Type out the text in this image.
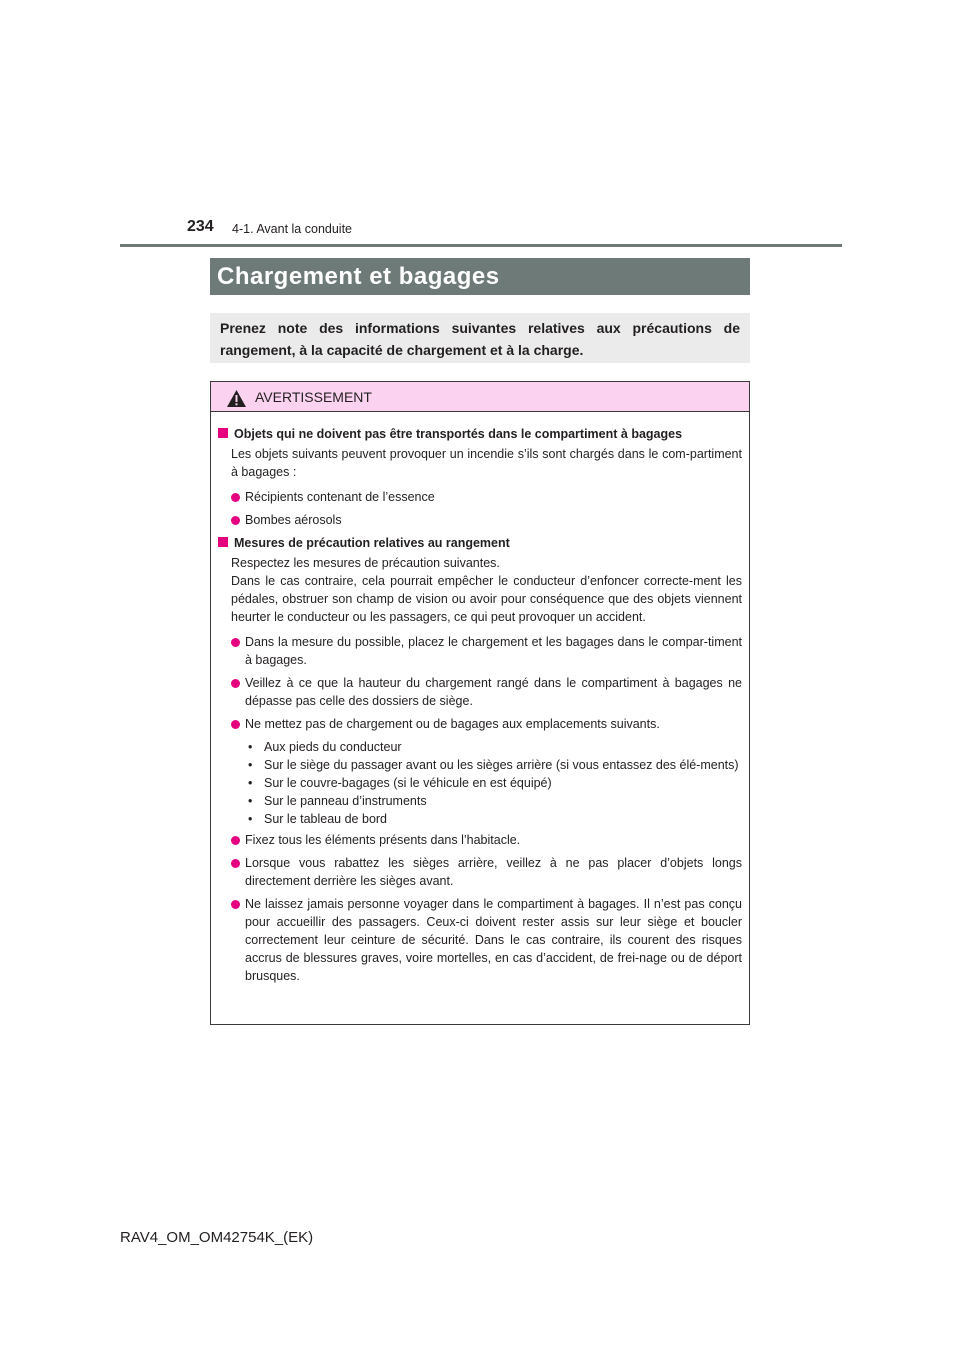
234 4-1. Avant la conduite
Chargement et bagages
Prenez note des informations suivantes relatives aux précautions de rangement, à la capacité de chargement et à la charge.
AVERTISSEMENT
Objets qui ne doivent pas être transportés dans le compartiment à bagages
Les objets suivants peuvent provoquer un incendie s’ils sont chargés dans le com-partiment à bagages :
Récipients contenant de l’essence
Bombes aérosols
Mesures de précaution relatives au rangement
Respectez les mesures de précaution suivantes.
Dans le cas contraire, cela pourrait empêcher le conducteur d’enfoncer correcte-ment les pédales, obstruer son champ de vision ou avoir pour conséquence que des objets viennent heurter le conducteur ou les passagers, ce qui peut provoquer un accident.
Dans la mesure du possible, placez le chargement et les bagages dans le compar-timent à bagages.
Veillez à ce que la hauteur du chargement rangé dans le compartiment à bagages ne dépasse pas celle des dossiers de siège.
Ne mettez pas de chargement ou de bagages aux emplacements suivants.
• Aux pieds du conducteur
• Sur le siège du passager avant ou les sièges arrière (si vous entassez des élé-ments)
• Sur le couvre-bagages (si le véhicule en est équipé)
• Sur le panneau d’instruments
• Sur le tableau de bord
Fixez tous les éléments présents dans l’habitacle.
Lorsque vous rabattez les sièges arrière, veillez à ne pas placer d’objets longs directement derrière les sièges avant.
Ne laissez jamais personne voyager dans le compartiment à bagages. Il n’est pas conçu pour accueillir des passagers. Ceux-ci doivent rester assis sur leur siège et boucler correctement leur ceinture de sécurité. Dans le cas contraire, ils courent des risques accrus de blessures graves, voire mortelles, en cas d’accident, de frei-nage ou de déport brusques.
RAV4_OM_OM42754K_(EK)
